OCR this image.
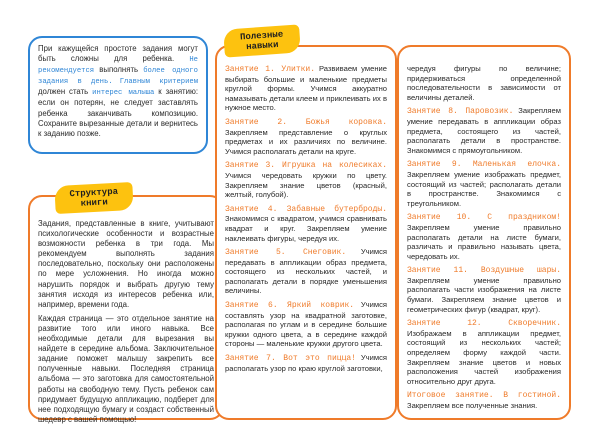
При кажущейся простоте задания могут быть сложны для ребенка. Не рекомендуется выполнять более одного задания в день. Главным критерием должен стать интерес малыша к занятию: если он потерян, не следует заставлять ребенка заканчивать композицию. Сохраните вырезанные детали и вернитесь к заданию позже.

Задания, представленные в книге, учитывают психологические особенности и возрастные возможности ребенка в три года. Мы рекомендуем выполнять задания последовательно, поскольку они расположены по мере усложнения. Но иногда можно нарушить порядок и выбрать другую тему занятия исходя из интересов ребенка или, например, времени года.

Каждая страница — это отдельное занятие на развитие того или иного навыка. Все необходимые детали для вырезания вы найдете в середине альбома. Заключительное задание поможет малышу закрепить все полученные навыки. Последняя страница альбома — это заготовка для самостоятельной работы на свободную тему. Пусть ребенок сам придумает будущую аппликацию, подберет для нее подходящую бумагу и создаст собственный шедевр с вашей помощью!

Структура книги

Занятие 1. Улитки. Развиваем умение выбирать большие и маленькие предметы круглой формы. Учимся аккуратно намазывать детали клеем и приклеивать их в нужное место.

Занятие 2. Божья коровка. Закрепляем представление о круглых предметах и их различиях по величине. Учимся располагать детали на круге.

Занятие 3. Игрушка на колесиках. Учимся чередовать кружки по цвету. Закрепляем знание цветов (красный, желтый, голубой).

Занятие 4. Забавные бутерброды. Знакомимся с квадратом, учимся сравнивать квадрат и круг. Закрепляем умение наклеивать фигуры, чередуя их.

Занятие 5. Снеговик. Учимся передавать в аппликации образ предмета, состоящего из нескольких частей, и располагать детали в порядке уменьшения величины.

Занятие 6. Яркий коврик. Учимся составлять узор на квадратной заготовке, располагая по углам и в середине большие кружки одного цвета, а в середине каждой стороны — маленькие кружки другого цвета.

Занятие 7. Вот это пицца! Учимся располагать узор по краю круглой заготовки,

Полезные навыки

чередуя фигуры по величине; придерживаться определенной последовательности в зависимости от величины деталей.

Занятие 8. Паровозик. Закрепляем умение передавать в аппликации образ предмета, состоящего из частей, располагать детали в пространстве. Знакомимся с прямоугольником.

Занятие 9. Маленькая елочка. Закрепляем умение изображать предмет, состоящий из частей; располагать детали в пространстве. Знакомимся с треугольником.

Занятие 10. С праздником! Закрепляем умение правильно располагать детали на листе бумаги, различать и правильно называть цвета, чередовать их.

Занятие 11. Воздушные шары. Закрепляем умение правильно располагать части изображения на листе бумаги. Закрепляем знание цветов и геометрических фигур (квадрат, круг).

Занятие 12. Скворечник. Изображаем в аппликации предмет, состоящий из нескольких частей; определяем форму каждой части. Закрепляем знание цветов и новых расположения частей изображения относительно друг друга.

Итоговое занятие. В гостиной. Закрепляем все полученные знания.
